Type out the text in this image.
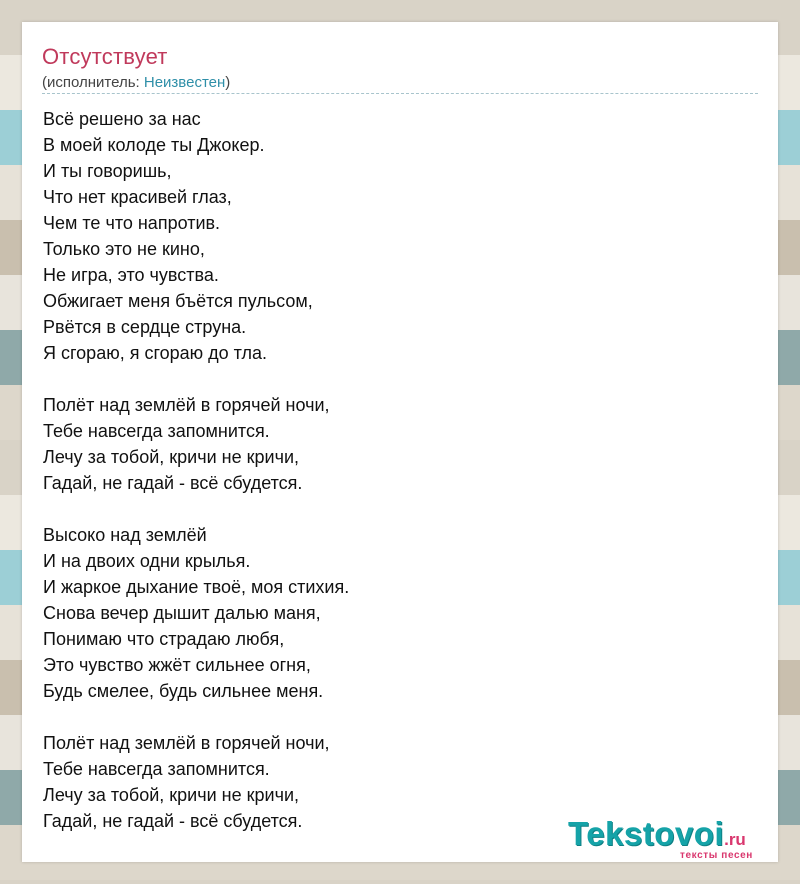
Отсутствует
(исполнитель: Неизвестен)
Всё решено за нас
В моей колоде ты Джокер.
И ты говоришь,
Что нет красивей глаз,
Чем те что напротив.
Только это не кино,
Не игра, это чувства.
Обжигает меня бъётся пульсом,
Рвётся в сердце струна.
Я сгораю, я сгораю до тла.

Полёт над землёй в горячей ночи,
Тебе навсегда запомнится.
Лечу за тобой, кричи не кричи,
Гадай, не гадай - всё сбудется.

Высоко над землёй
И на двоих одни крылья.
И жаркое дыхание твоё, моя стихия.
Снова вечер дышит далью маня,
Понимаю что страдаю любя,
Это чувство жжёт сильнее огня,
Будь смелее, будь сильнее меня.

Полёт над землёй в горячей ночи,
Тебе навсегда запомнится.
Лечу за тобой, кричи не кричи,
Гадай, не гадай - всё сбудется.	Tekstovoi.ru
тексты песен
